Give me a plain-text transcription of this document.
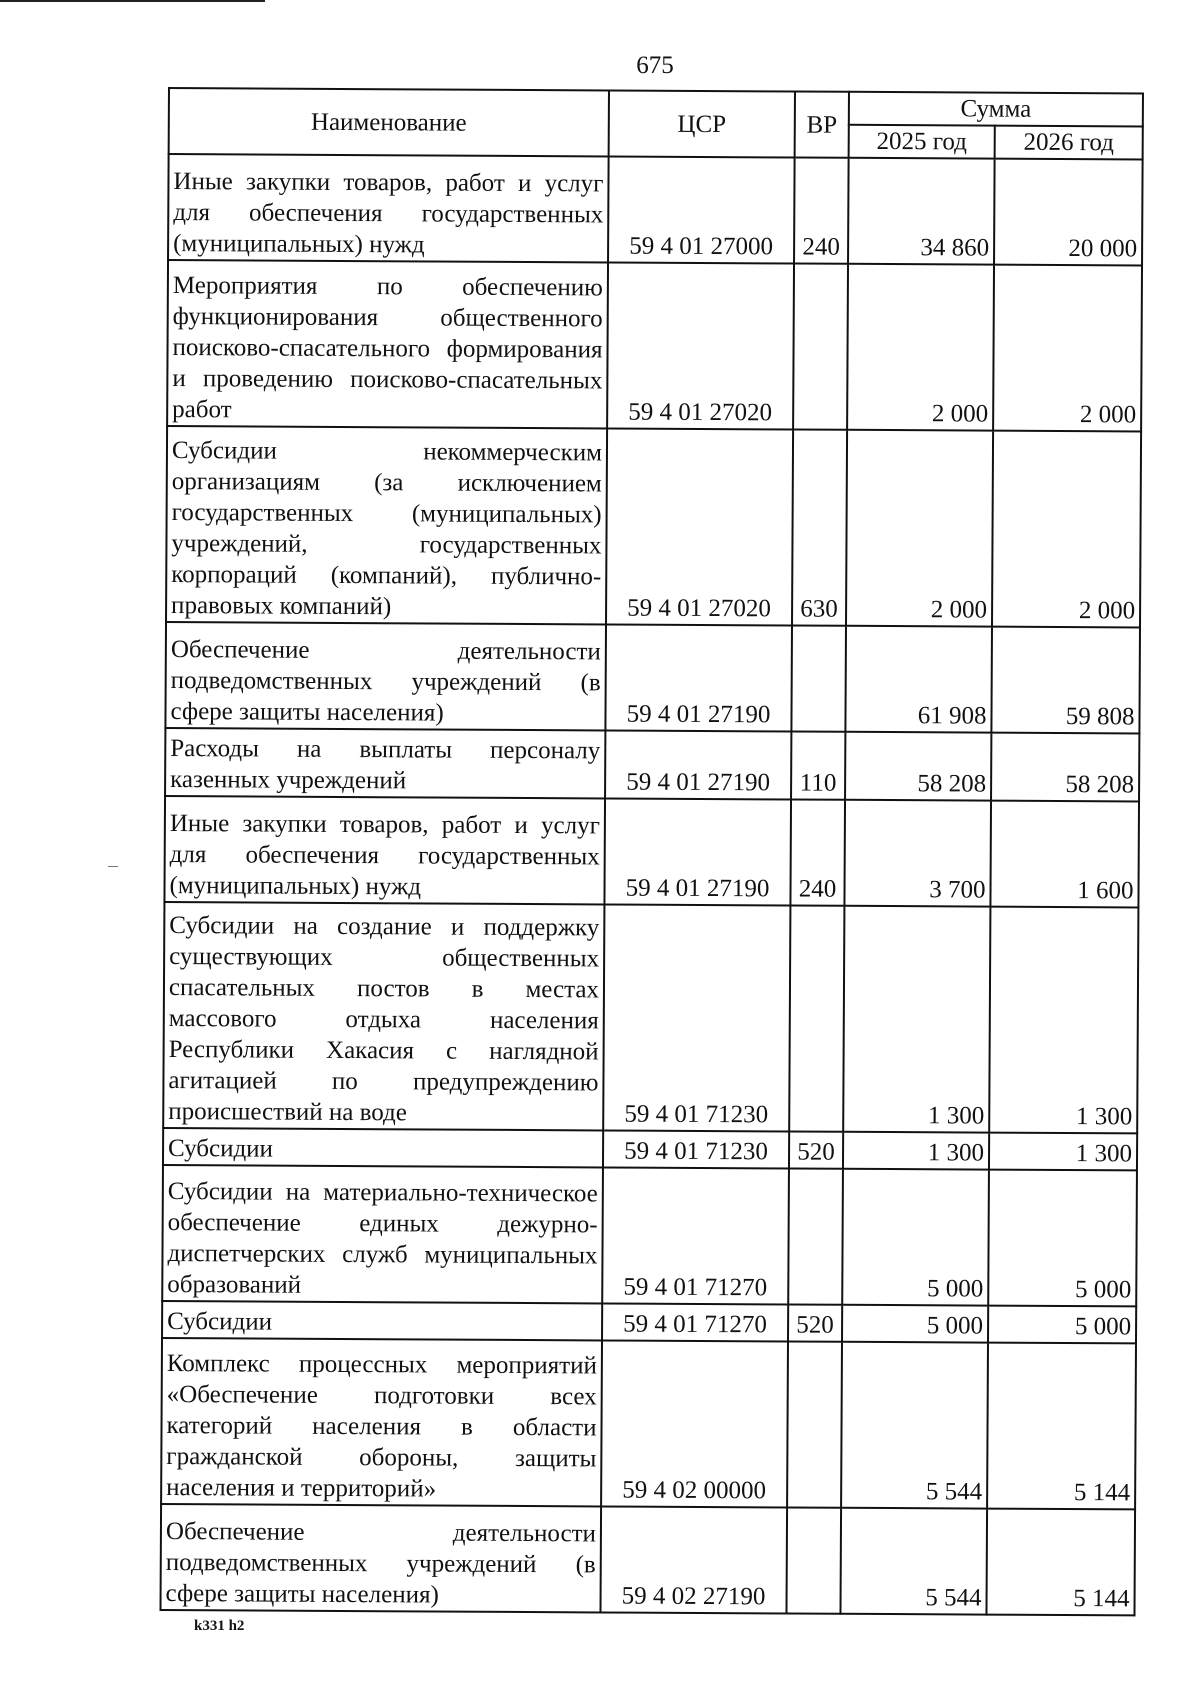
675
Наименование	ЦСР	ВР	Сумма	
			2025 год	2026 год
Иные закупки товаров, работ и услуг для обеспечения государственных (муниципальных) нужд	59 4 01 27000	240	34 860	20 000
Мероприятия по обеспечению функционирования общественного поисково-спасательного формирования и проведению поисково-спасательных работ	59 4 01 27020		2 000	2 000
Субсидии некоммерческим организациям (за исключением государственных (муниципальных) учреждений, государственных корпораций (компаний), публично-правовых компаний)	59 4 01 27020	630	2 000	2 000
Обеспечение деятельности подведомственных учреждений (в сфере защиты населения)	59 4 01 27190		61 908	59 808
Расходы на выплаты персоналу казенных учреждений	59 4 01 27190	110	58 208	58 208
Иные закупки товаров, работ и услуг для обеспечения государственных (муниципальных) нужд	59 4 01 27190	240	3 700	1 600
Субсидии на создание и поддержку существующих общественных спасательных постов в местах массового отдыха населения Республики Хакасия с наглядной агитацией по предупреждению происшествий на воде	59 4 01 71230		1 300	1 300
Субсидии	59 4 01 71230	520	1 300	1 300
Субсидии на материально-техническое обеспечение единых дежурно-диспетчерских служб муниципальных образований	59 4 01 71270		5 000	5 000
Субсидии	59 4 01 71270	520	5 000	5 000
Комплекс процессных мероприятий «Обеспечение подготовки всех категорий населения в области гражданской обороны, защиты населения и территорий»	59 4 02 00000		5 544	5 144
Обеспечение деятельности подведомственных учреждений (в сфере защиты населения)	59 4 02 27190		5 544	5 144
k331 h2
